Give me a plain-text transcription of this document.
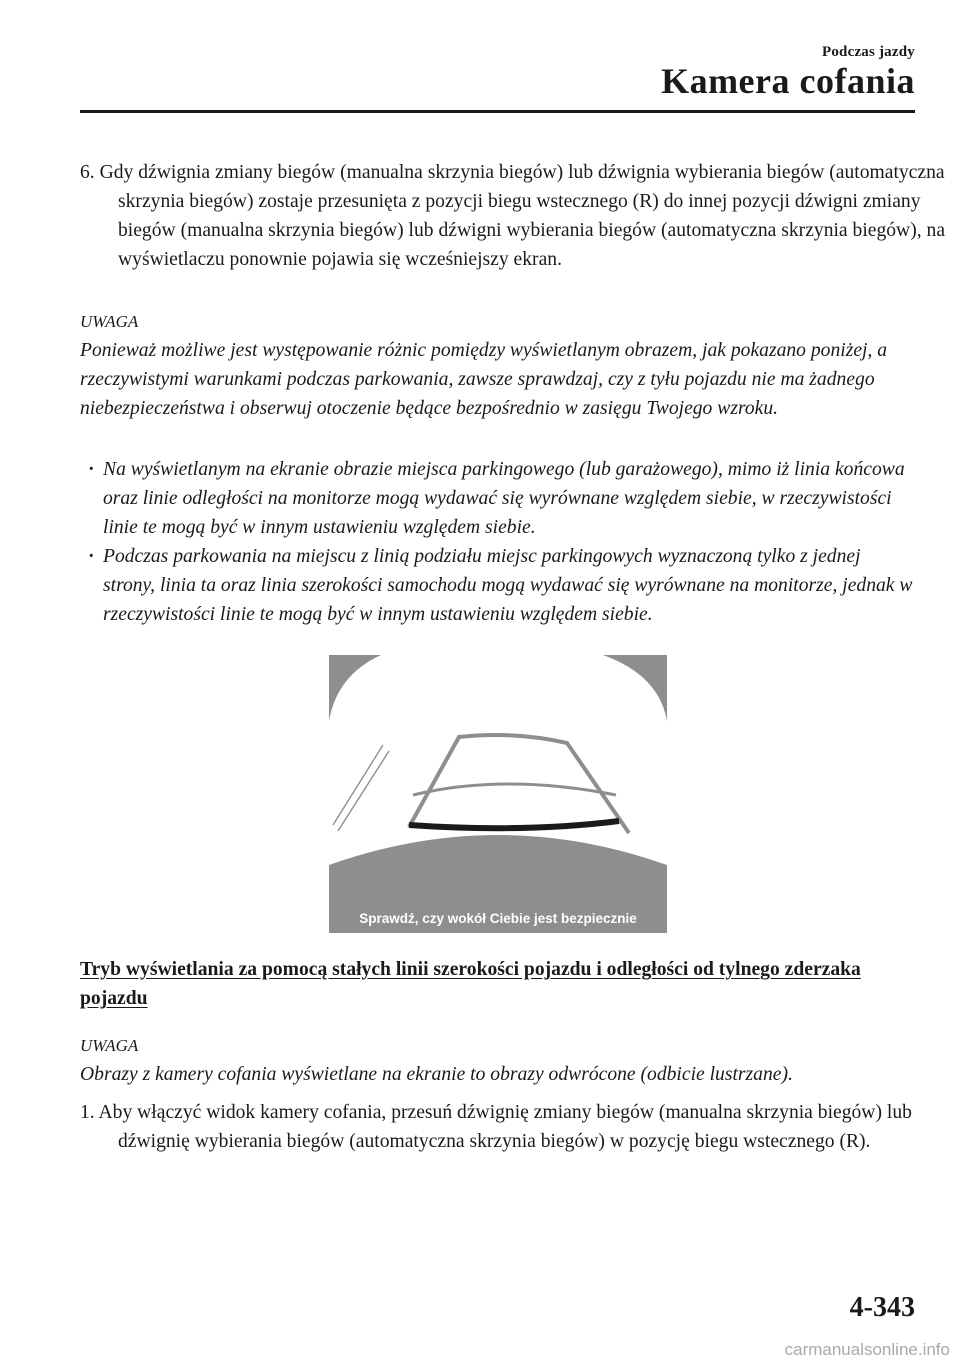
Podczas jazdy
Kamera cofania

6. Gdy dźwignia zmiany biegów (manualna skrzynia biegów) lub dźwignia wybierania biegów (automatyczna skrzynia biegów) zostaje przesunięta z pozycji biegu wstecznego (R) do innej pozycji dźwigni zmiany biegów (manualna skrzynia biegów) lub dźwigni wybierania biegów (automatyczna skrzynia biegów), na wyświetlaczu ponownie pojawia się wcześniejszy ekran.

UWAGA

Ponieważ możliwe jest występowanie różnic pomiędzy wyświetlanym obrazem, jak pokazano poniżej, a rzeczywistymi warunkami podczas parkowania, zawsze sprawdzaj, czy z tyłu pojazdu nie ma żadnego niebezpieczeństwa i obserwuj otoczenie będące bezpośrednio w zasięgu Twojego wzroku.

· Na wyświetlanym na ekranie obrazie miejsca parkingowego (lub garażowego), mimo iż linia końcowa oraz linie odległości na monitorze mogą wydawać się wyrównane względem siebie, w rzeczywistości linie te mogą być w innym ustawieniu względem siebie.
· Podczas parkowania na miejscu z linią podziału miejsc parkingowych wyznaczoną tylko z jednej strony, linia ta oraz linia szerokości samochodu mogą wydawać się wyrównane na monitorze, jednak w rzeczywistości linie te mogą być w innym ustawieniu względem siebie.
Sprawdź, czy wokół Ciebie jest bezpiecznie

Tryb wyświetlania za pomocą stałych linii szerokości pojazdu i odległości od tylnego zderzaka pojazdu

UWAGA

Obrazy z kamery cofania wyświetlane na ekranie to obrazy odwrócone (odbicie lustrzane).

1. Aby włączyć widok kamery cofania, przesuń dźwignię zmiany biegów (manualna skrzynia biegów) lub dźwignię wybierania biegów (automatyczna skrzynia biegów) w pozycję biegu wstecznego (R).

4-343
carmanualsonline.info
